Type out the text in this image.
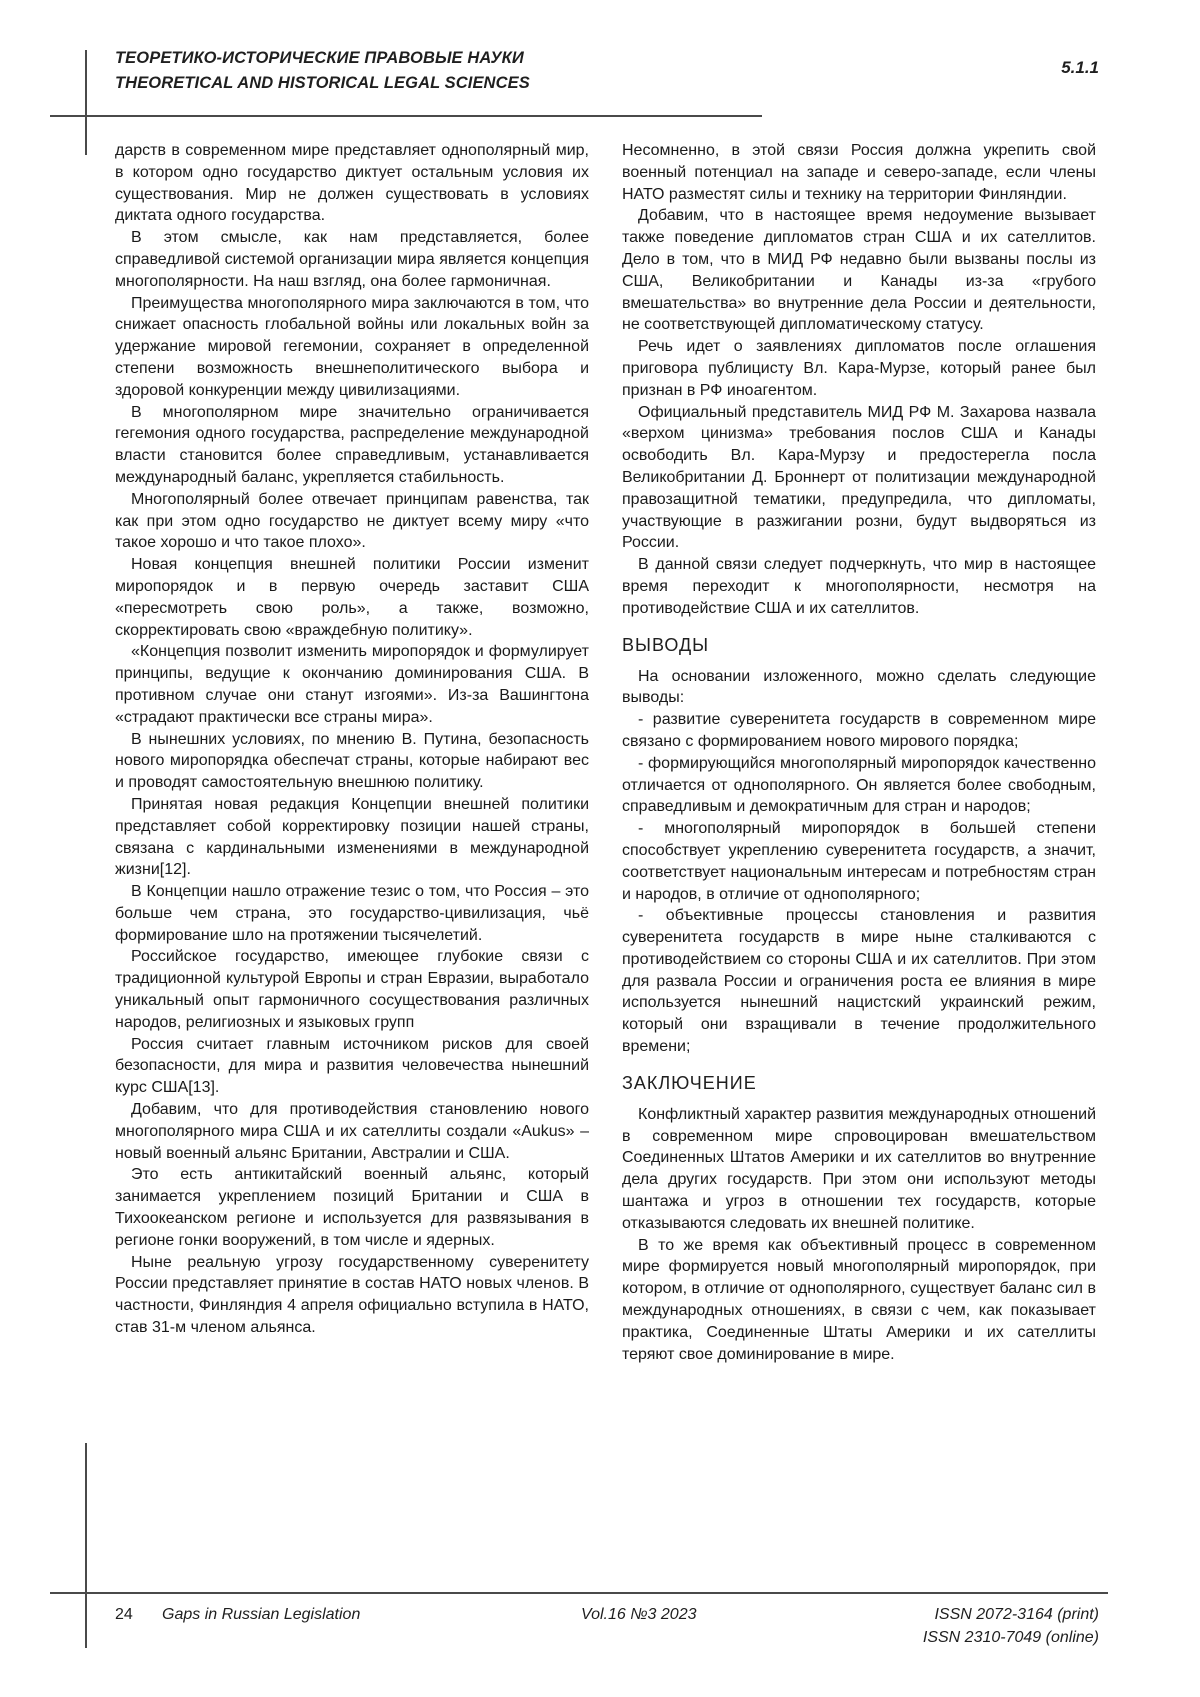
ТЕОРЕТИКО-ИСТОРИЧЕСКИЕ ПРАВОВЫЕ НАУКИ
THEORETICAL AND HISTORICAL LEGAL SCIENCES
5.1.1

дарств в современном мире представляет однополярный мир, в котором одно государство диктует остальным условия их существования. Мир не должен существовать в условиях диктата одного государства.

В этом смысле, как нам представляется, более справедливой системой организации мира является концепция многополярности. На наш взгляд, она более гармоничная.

Преимущества многополярного мира заключаются в том, что снижает опасность глобальной войны или локальных войн за удержание мировой гегемонии, сохраняет в определенной степени возможность внешнеполитического выбора и здоровой конкуренции между цивилизациями.

В многополярном мире значительно ограничивается гегемония одного государства, распределение международной власти становится более справедливым, устанавливается международный баланс, укрепляется стабильность.

Многополярный более отвечает принципам равенства, так как при этом одно государство не диктует всему миру «что такое хорошо и что такое плохо».

Новая концепция внешней политики России изменит миропорядок и в первую очередь заставит США «пересмотреть свою роль», а также, возможно, скорректировать свою «враждебную политику».

«Концепция позволит изменить миропорядок и формулирует принципы, ведущие к окончанию доминирования США. В противном случае они станут изгоями». Из-за Вашингтона «страдают практически все страны мира».

В нынешних условиях, по мнению В. Путина, безопасность нового миропорядка обеспечат страны, которые набирают вес и проводят самостоятельную внешнюю политику.

Принятая новая редакция Концепции внешней политики представляет собой корректировку позиции нашей страны, связана с кардинальными изменениями в международной жизни[12].

В Концепции нашло отражение тезис о том, что Россия – это больше чем страна, это государство-цивилизация, чьё формирование шло на протяжении тысячелетий.

Российское государство, имеющее глубокие связи с традиционной культурой Европы и стран Евразии, выработало уникальный опыт гармоничного сосуществования различных народов, религиозных и языковых групп

Россия считает главным источником рисков для своей безопасности, для мира и развития человечества нынешний курс США[13].

Добавим, что для противодействия становлению нового многополярного мира США и их сателлиты создали «Aukus» – новый военный альянс Британии, Австралии и США.

Это есть антикитайский военный альянс, который занимается укреплением позиций Британии и США в Тихоокеанском регионе и используется для развязывания в регионе гонки вооружений, в том числе и ядерных.

Ныне реальную угрозу государственному суверенитету России представляет принятие в состав НАТО новых членов. В частности, Финляндия 4 апреля официально вступила в НАТО, став 31-м членом альянса.

Несомненно, в этой связи Россия должна укрепить свой военный потенциал на западе и северо-западе, если члены НАТО разместят силы и технику на территории Финляндии.

Добавим, что в настоящее время недоумение вызывает также поведение дипломатов стран США и их сателлитов. Дело в том, что в МИД РФ недавно были вызваны послы из США, Великобритании и Канады из-за «грубого вмешательства» во внутренние дела России и деятельности, не соответствующей дипломатическому статусу.

Речь идет о заявлениях дипломатов после оглашения приговора публицисту Вл. Кара-Мурзе, который ранее был признан в РФ иноагентом.

Официальный представитель МИД РФ М. Захарова назвала «верхом цинизма» требования послов США и Канады освободить Вл. Кара-Мурзу и предостерегла посла Великобритании Д. Броннерт от политизации международной правозащитной тематики, предупредила, что дипломаты, участвующие в разжигании розни, будут выдворяться из России.

В данной связи следует подчеркнуть, что мир в настоящее время переходит к многополярности, несмотря на противодействие США и их сателлитов.

ВЫВОДЫ

На основании изложенного, можно сделать следующие выводы:

- развитие суверенитета государств в современном мире связано с формированием нового мирового порядка;

- формирующийся многополярный миропорядок качественно отличается от однополярного. Он является более свободным, справедливым и демократичным для стран и народов;

- многополярный миропорядок в большей степени способствует укреплению суверенитета государств, а значит, соответствует национальным интересам и потребностям стран и народов, в отличие от однополярного;

- объективные процессы становления и развития суверенитета государств в мире ныне сталкиваются с противодействием со стороны США и их сателлитов. При этом для развала России и ограничения роста ее влияния в мире используется нынешний нацистский украинский режим, который они взращивали в течение продолжительного времени;

ЗАКЛЮЧЕНИЕ

Конфликтный характер развития международных отношений в современном мире спровоцирован вмешательством Соединенных Штатов Америки и их сателлитов во внутренние дела других государств. При этом они используют методы шантажа и угроз в отношении тех государств, которые отказываются следовать их внешней политике.

В то же время как объективный процесс в современном мире формируется новый многополярный миропорядок, при котором, в отличие от однополярного, существует баланс сил в международных отношениях, в связи с чем, как показывает практика, Соединенные Штаты Америки и их сателлиты теряют свое доминирование в мире.

24 Gaps in Russian Legislation	Vol.16 №3 2023	ISSN 2072-3164 (print)
ISSN 2310-7049 (online)
